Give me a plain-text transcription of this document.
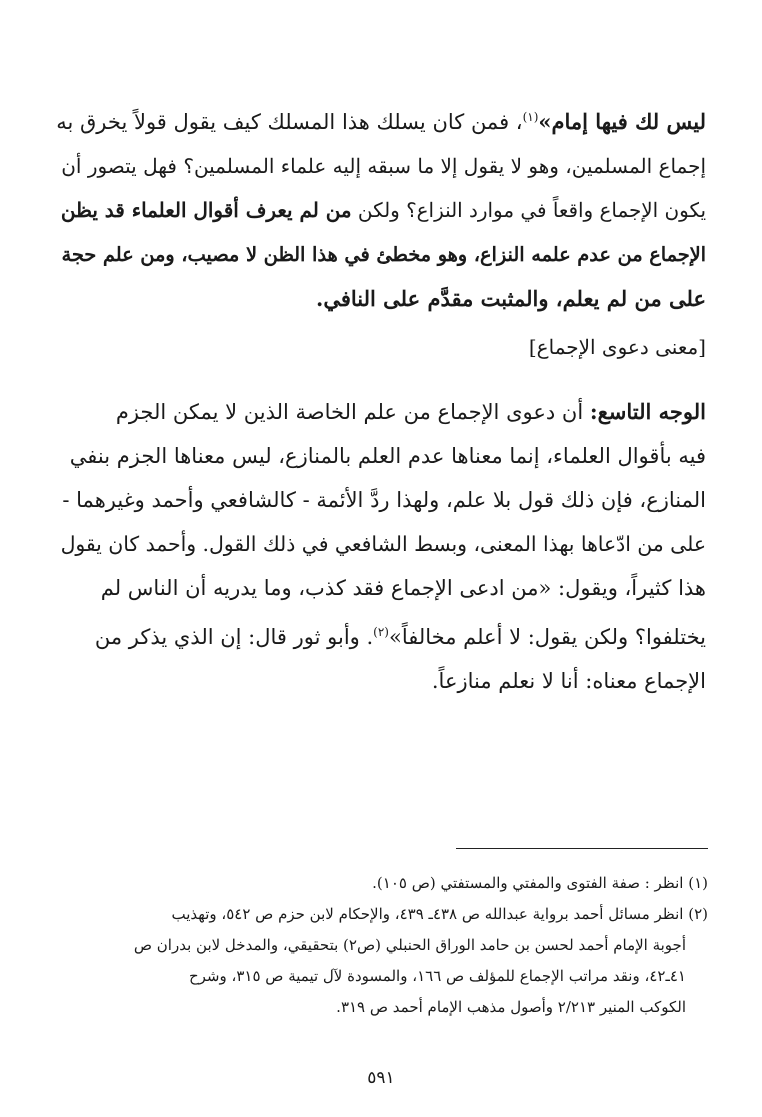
ليس لك فيها إمام»$^{(١)}$، فمن كان يسلك هذا المسلك كيف يقول قولاً يخرق به
إجماع المسلمين، وهو لا يقول إلا ما سبقه إليه علماء المسلمين؟ فهل يتصور أن
يكون الإجماع واقعاً في موارد النزاع؟ ولكن من لم يعرف أقوال العلماء قد يظن
الإجماع من عدم علمه النزاع، وهو مخطئ في هذا الظن لا مصيب، ومن علم حجة
على من لم يعلم، والمثبت مقدَّم على النافي.
[معنى دعوى الإجماع]
الوجه التاسع: أن دعوى الإجماع من علم الخاصة الذين لا يمكن الجزم
فيه بأقوال العلماء، إنما معناها عدم العلم بالمنازع، ليس معناها الجزم بنفي
المنازع، فإن ذلك قول بلا علم، ولهذا ردَّ الأئمة - كالشافعي وأحمد وغيرهما -
على من ادّعاها بهذا المعنى، وبسط الشافعي في ذلك القول. وأحمد كان يقول
هذا كثيراً، ويقول: «من ادعى الإجماع فقد كذب، وما يدريه أن الناس لم
يختلفوا؟ ولكن يقول: لا أعلم مخالفاً»$^{(٢)}$. وأبو ثور قال: إن الذي يذكر من
الإجماع معناه: أنا لا نعلم منازعاً.
(١) انظر : صفة الفتوى والمفتي والمستفتي (ص ١٠٥).
(٢) انظر مسائل أحمد برواية عبدالله ص ٤٣٨ـ ٤٣٩، والإحكام لابن حزم ص ٥٤٢، وتهذيب
أجوبة الإمام أحمد لحسن بن حامد الوراق الحنبلي (ص٢) بتحقيقي، والمدخل لابن بدران ص
٤١ـ٤٢، ونقد مراتب الإجماع للمؤلف ص ١٦٦، والمسودة لآل تيمية ص ٣١٥، وشرح
الكوكب المنير ٢/٢١٣ وأصول مذهب الإمام أحمد ص ٣١٩.
٥٩١
